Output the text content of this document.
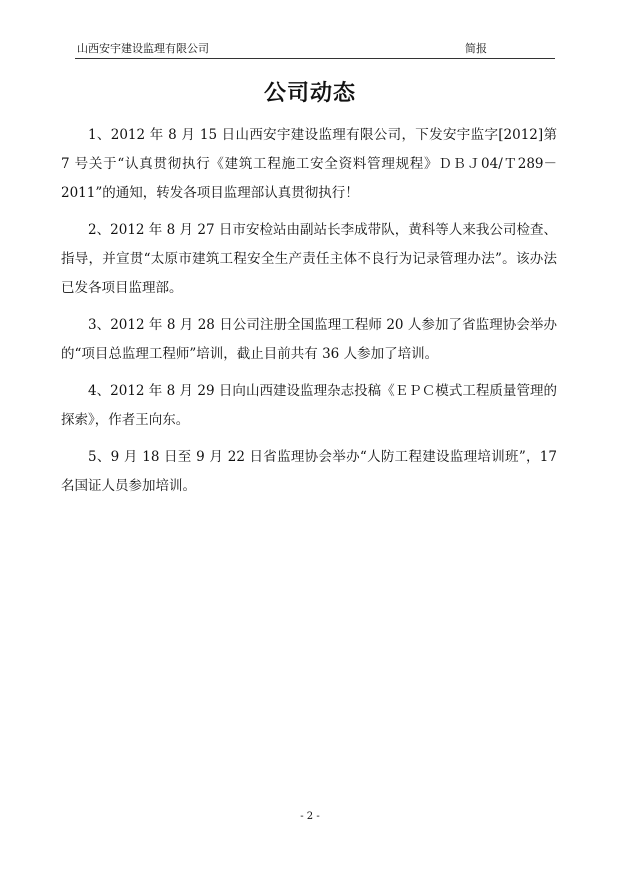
山西安宇建设监理有限公司	简报
公司动态

1、2012 年 8 月 15 日山西安宇建设监理有限公司，下发安宇监字[2012]第 7 号关于“认真贯彻执行《建筑工程施工安全资料管理规程》ＤＢＪ04/Ｔ289－2011”的通知，转发各项目监理部认真贯彻执行！

2、2012 年 8 月 27 日市安检站由副站长李成带队，黄科等人来我公司检查、指导，并宣贯“太原市建筑工程安全生产责任主体不良行为记录管理办法”。该办法已发各项目监理部。

3、2012 年 8 月 28 日公司注册全国监理工程师 20 人参加了省监理协会举办的“项目总监理工程师”培训，截止目前共有 36 人参加了培训。

4、2012 年 8 月 29 日向山西建设监理杂志投稿《ＥＰＣ模式工程质量管理的探索》，作者王向东。

5、9 月 18 日至 9 月 22 日省监理协会举办“人防工程建设监理培训班”，17 名国证人员参加培训。

- 2 -
